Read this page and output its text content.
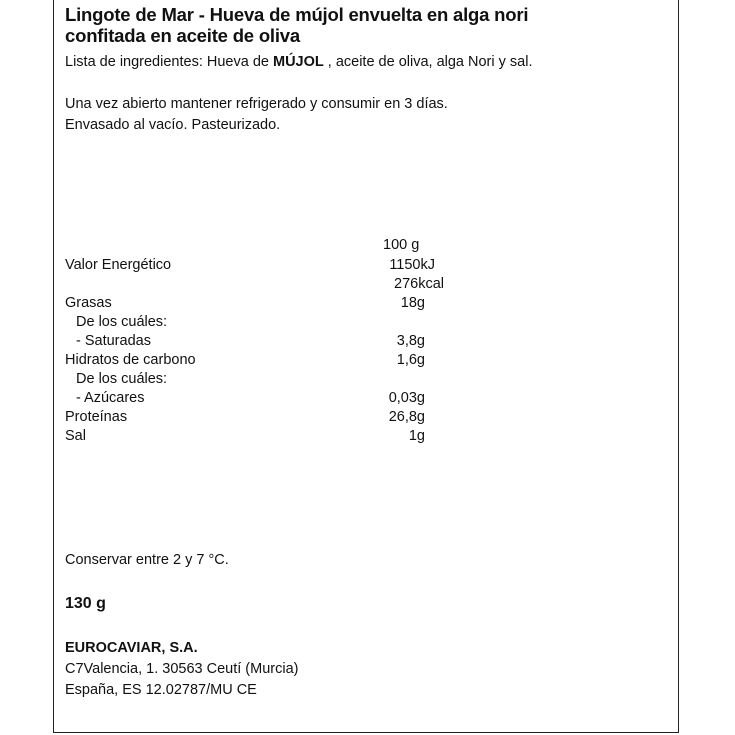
Lingote de Mar - Hueva de mújol envuelta en alga nori
confitada en aceite de oliva
Lista de ingredientes: Hueva de MÚJOL , aceite de oliva, alga Nori y sal.
Una vez abierto mantener refrigerado y consumir en 3 días.
Envasado al vacío. Pasteurizado.
100 g
Valor Energético	1150kJ
276kcal
Grasas	18g
De los cuáles:
- Saturadas	3,8g
Hidratos de carbono	1,6g
De los cuáles:
- Azúcares	0,03g
Proteínas	26,8g
Sal	1g
Conservar entre 2 y 7 °C.
130 g
EUROCAVIAR, S.A.
C7Valencia, 1. 30563 Ceutí (Murcia)
España, ES 12.02787/MU CE
